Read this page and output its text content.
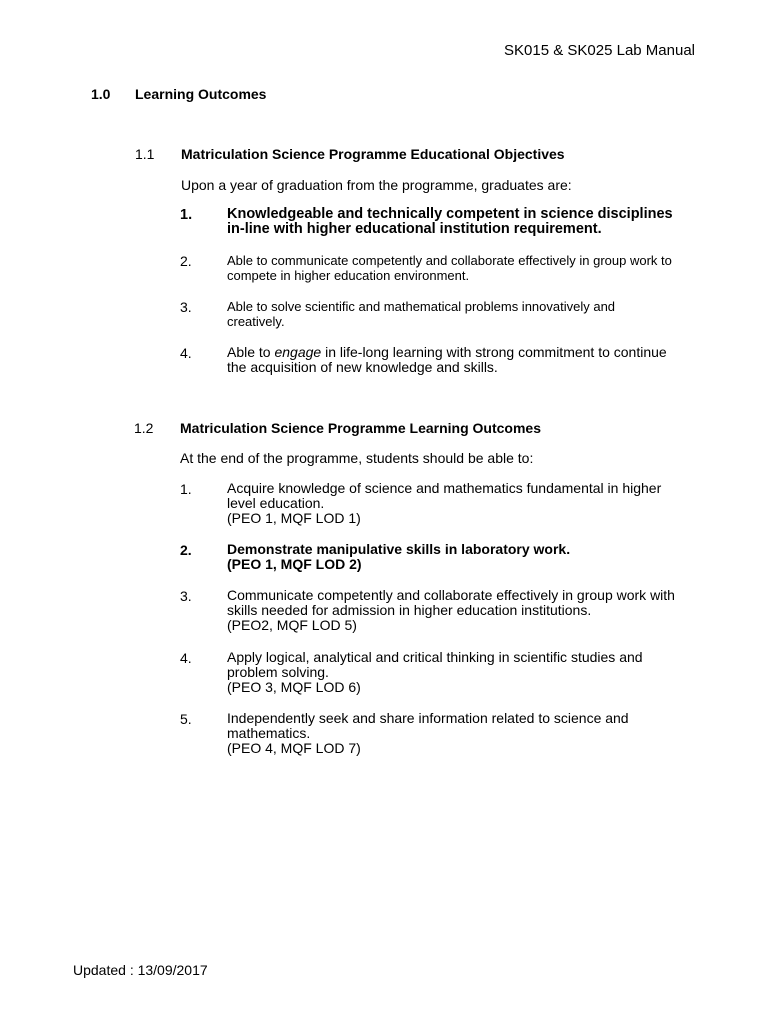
SK015 & SK025 Lab Manual
1.0 Learning Outcomes
1.1 Matriculation Science Programme Educational Objectives
Upon a year of graduation from the programme, graduates are:
1. Knowledgeable and technically competent in science disciplines
in-line with higher educational institution requirement.
2.	Able to communicate competently and collaborate effectively in group work to
compete in higher education environment.
3.	Able to solve scientific and mathematical problems innovatively and
creatively.
4.	Able to engage in life-long learning with strong commitment to continue
the acquisition of new knowledge and skills.
1.2 Matriculation Science Programme Learning Outcomes
At the end of the programme, students should be able to:
1.	Acquire knowledge of science and mathematics fundamental in higher
level education.
(PEO 1, MQF LOD 1)
2.	Demonstrate manipulative skills in laboratory work.
(PEO 1, MQF LOD 2)
3.	Communicate competently and collaborate effectively in group work with
skills needed for admission in higher education institutions.
(PEO2, MQF LOD 5)
4.	Apply logical, analytical and critical thinking in scientific studies and
problem solving.
(PEO 3, MQF LOD 6)
5.	Independently seek and share information related to science and
mathematics.
(PEO 4, MQF LOD 7)
Updated : 13/09/2017
